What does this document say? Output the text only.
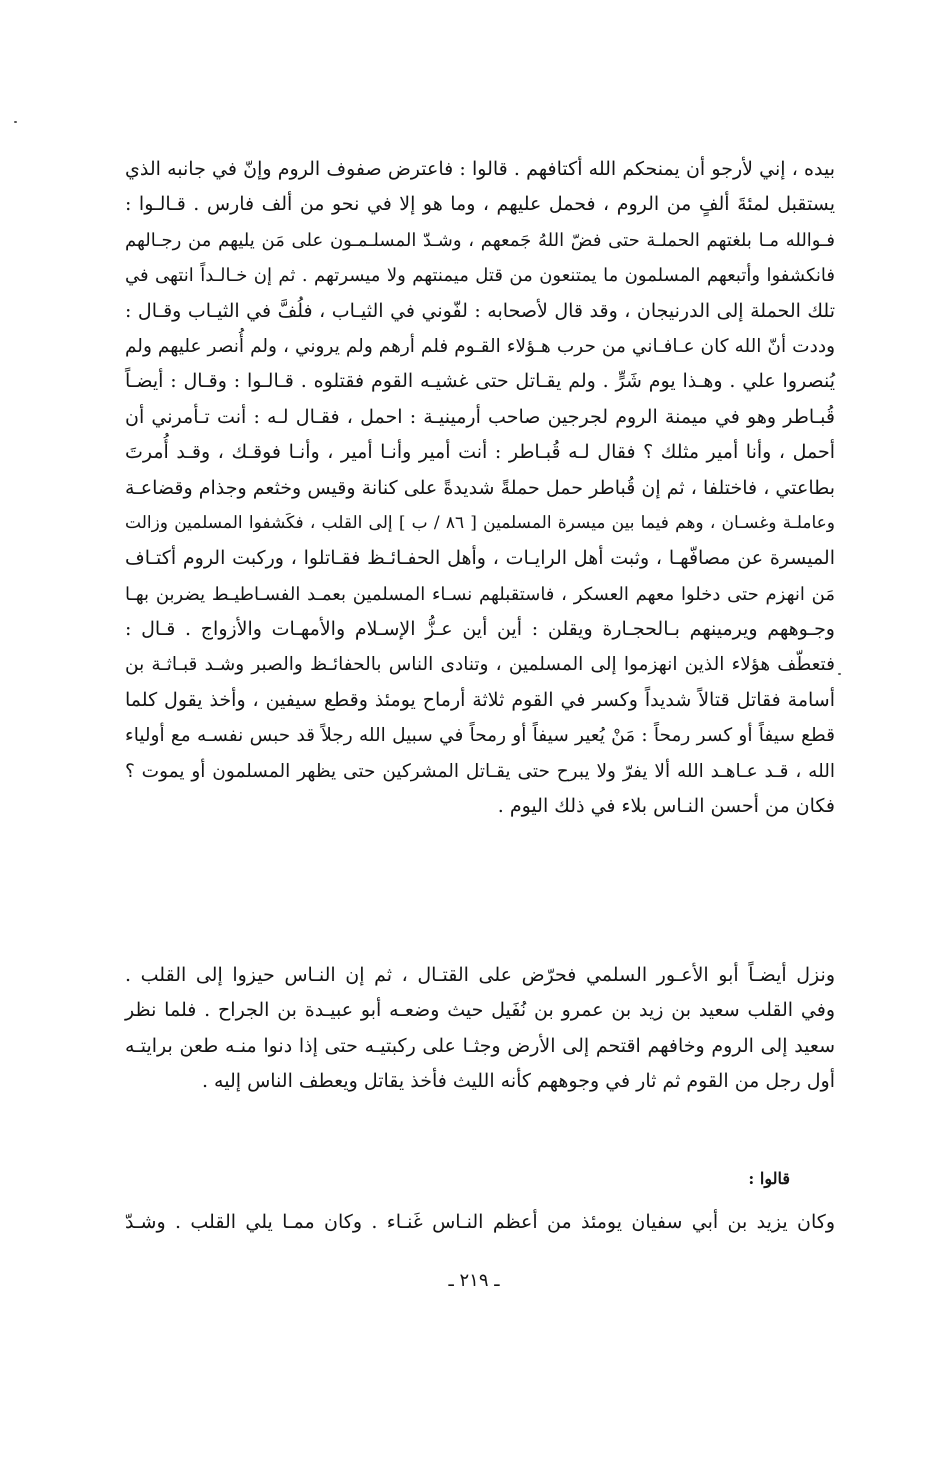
بيده ، إني لأرجو أن يمنحكم الله أكتافهم . قالوا : فاعترض صفوف الروم وإنّ في جانبه الذي
يستقبل لمئةَ ألفٍ من الروم ، فحمل عليهم ، وما هو إلا في نحو من ألف فارس . قـالـوا :
فـوالله مـا بلغتهم الحملـة حتى فضّ اللهُ جَمعهم ، وشـدّ المسلـمـون على مَن يليهم من رجـالهم
فانكشفوا وأتبعهم المسلمون ما يمتنعون من قتل ميمنتهم ولا ميسرتهم . ثم إن خـالـداً انتهى في
تلك الحملة إلى الدرنيجان ، وقد قال لأصحابه : لفّوني في الثيـاب ، فلُفَّ في الثيـاب وقـال :
وددت أنّ الله كان عـافـاني من حرب هـؤلاء القـوم فلم أرهم ولم يروني ، ولم أُنصر عليهم ولم
يُنصروا علي . وهـذا يوم شَرٍّ . ولم يقـاتل حتى غشيـه القوم فقتلوه . قـالـوا : وقـال : أيضـاً
قُبـاطر وهو في ميمنة الروم لجرجين صاحب أرمينيـة : احمل ، فقـال لـه : أنت تـأمرني أن
أحمل ، وأنا أمير مثلك ؟ فقال لـه قُبـاطر : أنت أمير وأنـا أمير ، وأنـا فوقـك ، وقـد أُمرتَ
بطاعتي ، فاختلفا ، ثم إن قُباطر حمل حملةً شديدةً على كنانة وقيس وخثعم وجذام وقضاعـة
وعاملـة وغسـان ، وهم فيما بين ميسرة المسلمين [ ٨٦ / ب ] إلى القلب ، فكَشفوا المسلمين وزالت
الميسرة عن مصافّهـا ، وثبت أهل الرايـات ، وأهل الحفـائـظ فقـاتلوا ، وركبت الروم أكتـاف
مَن انهزم حتى دخلوا معهم العسكر ، فاستقبلهم نسـاء المسلمين بعمـد الفسـاطيـط يضربن بهـا
وجـوههم ويرمينهم بـالحجـارة ويقلن : أين أين عـزُّ الإسـلام والأمهـات والأزواج . قـال :
فتعطّف هؤلاء الذين انهزموا إلى المسلمين ، وتنادى الناس بالحفائـظ والصبر وشـد قبـاثـة بن
أسامة فقاتل قتالاً شديداً وكسر في القوم ثلاثة أرماح يومئذ وقطع سيفين ، وأخذ يقول كلما
قطع سيفاً أو كسر رمحاً : مَنْ يُعير سيفاً أو رمحاً في سبيل الله رجلاً قد حبس نفسـه مع أولياء
الله ، قـد عـاهـد الله ألا يفرّ ولا يبرح حتى يقـاتل المشركين حتى يظهر المسلمون أو يموت ؟
فكان من أحسن النـاس بلاء في ذلك اليوم .
ونزل أيضـاً أبو الأعـور السلمي فحرّض على القتـال ، ثم إن النـاس حيزوا إلى القلب .
وفي القلب سعيد بن زيد بن عمرو بن نُفَيل حيث وضعـه أبو عبيـدة بن الجراح . فلما نظر
سعيد إلى الروم وخافهم اقتحم إلى الأرض وجثـا على ركبتيـه حتى إذا دنوا منـه طعن برايتـه
أول رجل من القوم ثم ثار في وجوههم كأنه الليث فأخذ يقاتل ويعطف الناس إليه .
قالوا :
وكان يزيد بن أبي سفيان يومئذ من أعظم النـاس غَنـاء . وكان ممـا يلي القلب . وشـدّ
ـ ٢١٩ ـ
